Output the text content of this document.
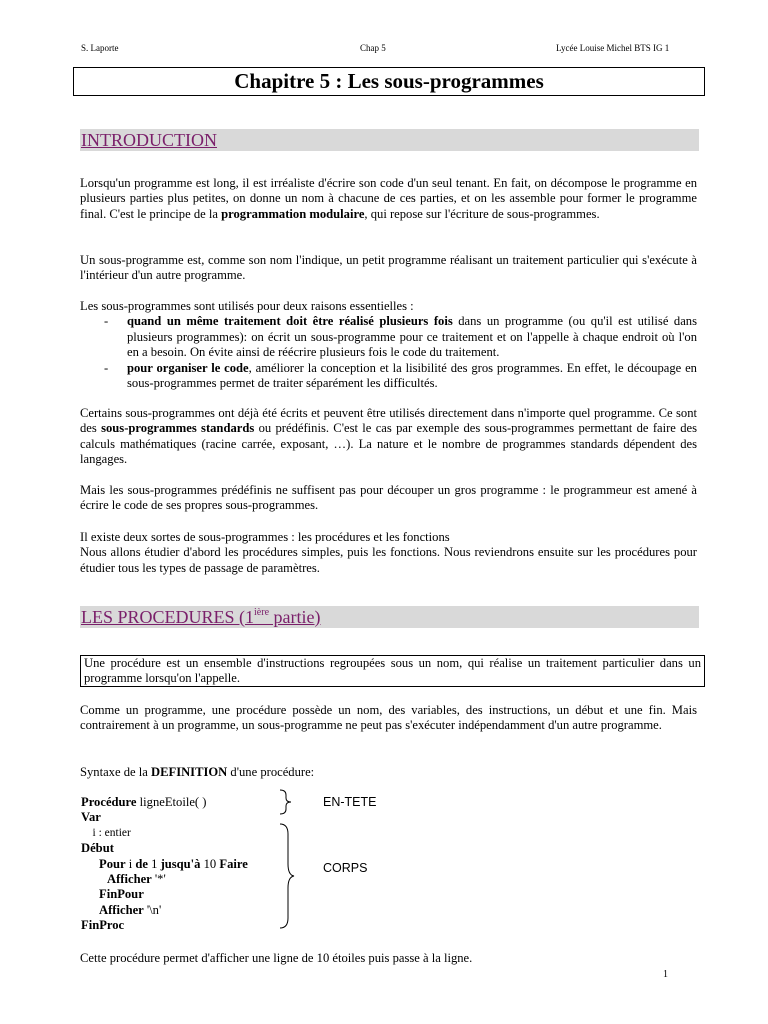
S. Laporte	Chap 5	Lycée Louise Michel BTS IG 1
Chapitre 5 : Les sous-programmes
INTRODUCTION

Lorsqu'un programme est long, il est irréaliste d'écrire son code d'un seul tenant. En fait, on décompose le programme en plusieurs parties plus petites, on donne un nom à chacune de ces parties, et on les assemble pour former le programme final. C'est le principe de la programmation modulaire, qui repose sur l'écriture de sous-programmes.

Un sous-programme est, comme son nom l'indique, un petit programme réalisant un traitement particulier qui s'exécute à l'intérieur d'un autre programme.

Les sous-programmes sont utilisés pour deux raisons essentielles :

- quand un même traitement doit être réalisé plusieurs fois dans un programme (ou qu'il est utilisé dans plusieurs programmes): on écrit un sous-programme pour ce traitement et on l'appelle à chaque endroit où l'on en a besoin. On évite ainsi de réécrire plusieurs fois le code du traitement.
- pour organiser le code, améliorer la conception et la lisibilité des gros programmes. En effet, le découpage en sous-programmes permet de traiter séparément les difficultés.

Certains sous-programmes ont déjà été écrits et peuvent être utilisés directement dans n'importe quel programme. Ce sont des sous-programmes standards ou prédéfinis. C'est le cas par exemple des sous-programmes permettant de faire des calculs mathématiques (racine carrée, exposant, …). La nature et le nombre de programmes standards dépendent des langages.

Mais les sous-programmes prédéfinis ne suffisent pas pour découper un gros programme : le programmeur est amené à écrire le code de ses propres sous-programmes.

Il existe deux sortes de sous-programmes : les procédures et les fonctions

Nous allons étudier d'abord les procédures simples, puis les fonctions. Nous reviendrons ensuite sur les procédures pour étudier tous les types de passage de paramètres.

LES PROCEDURES ($1^{ière}$ partie)
Une procédure est un ensemble d'instructions regroupées sous un nom, qui réalise un traitement particulier dans un programme lorsqu'on l'appelle.

Comme un programme, une procédure possède un nom, des variables, des instructions, un début et une fin. Mais contrairement à un programme, un sous-programme ne peut pas s'exécuter indépendamment d'un autre programme.

Syntaxe de la DEFINITION d'une procédure:

Procédure ligneEtoile( )
Var
i : entier
Début
Pour i de 1 jusqu'à 10 Faire
Afficher '*'
FinPour
Afficher '\n'
FinProc
EN-TETE
CORPS

Cette procédure permet d'afficher une ligne de 10 étoiles puis passe à la ligne.

1
